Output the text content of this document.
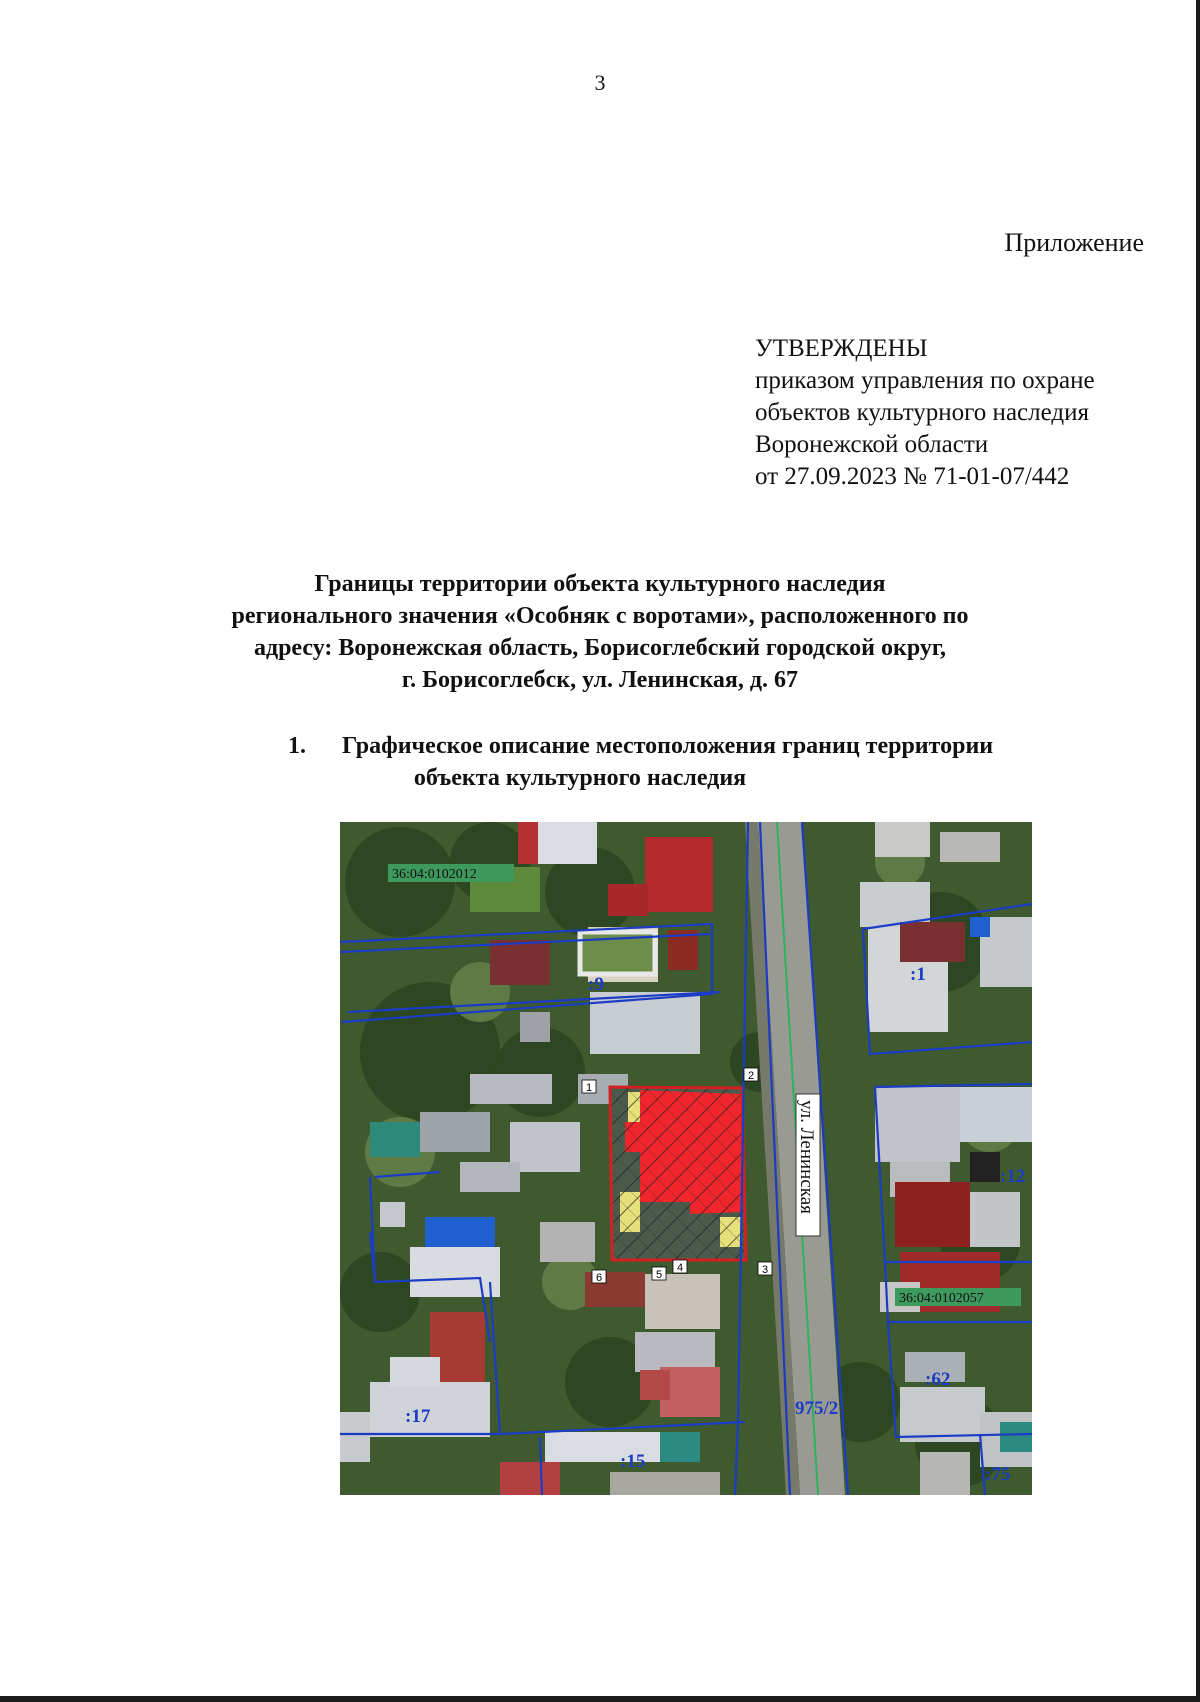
3
Приложение
УТВЕРЖДЕНЫ
приказом управления по охране
объектов культурного наследия
Воронежской области
от 27.09.2023 № 71-01-07/442
Границы территории объекта культурного наследия
регионального значения «Особняк с воротами», расположенного по
адресу: Воронежская область, Борисоглебский городской округ,
г. Борисоглебск, ул. Ленинская, д. 67
1. Графическое описание местоположения границ территории
объекта культурного наследия
36:04:0102012
36:04:0102057
:9	:1
:12
:62
:17
:15
:75
975/2
ул. Ленинская
1
2
3
4
5
6
